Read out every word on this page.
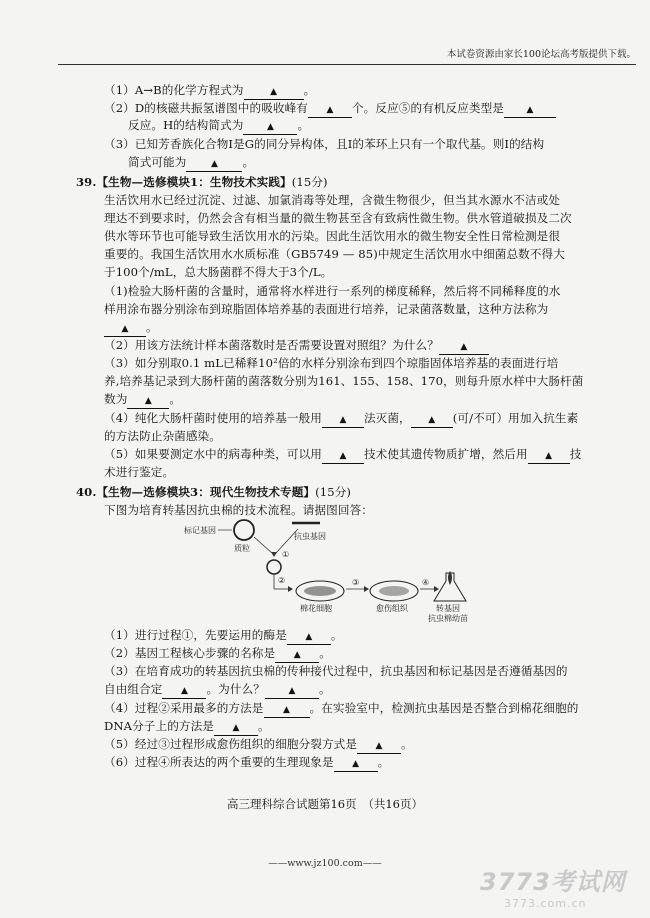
本试卷资源由家长100论坛高考版提供下载。
（1）A→B的化学方程式为	▲ 。
（2）D的核磁共振氢谱图中的吸收峰有 ▲ 个。反应⑤的有机反应类型是 ▲
反应。H的结构简式为	▲ 。
（3）已知芳香族化合物I是G的同分异构体，且I的苯环上只有一个取代基。则I的结构
简式可能为	▲ 。
39.【生物—选修模块1：生物技术实践】(15分)
生活饮用水已经过沉淀、过滤、加氯消毒等处理，含微生物很少，但当其水源水不洁或处
理达不到要求时，仍然会含有相当量的微生物甚至含有致病性微生物。供水管道破损及二次
供水等环节也可能导致生活饮用水的污染。因此生活饮用水的微生物安全性日常检测是很
重要的。我国生活饮用水水质标准（GB5749 — 85)中规定生活饮用水中细菌总数不得大
于100个/mL，总大肠菌群不得大于3个/L。
（1)检验大肠杆菌的含量时，通常将水样进行一系列的梯度稀释，然后将不同稀释度的水
样用涂布器分别涂布到琼脂固体培养基的表面进行培养，记录菌落数量，这种方法称为
▲ 。
（2）用该方法统计样本菌落数时是否需要设置对照组？为什么？ ▲
（3）如分别取0.1 mL已稀释10²倍的水样分别涂布到四个琼脂固体培养基的表面进行培
养,培养基记录到大肠杆菌的菌落数分别为161、155、158、170，则每升原水样中大肠杆菌
数为 ▲ 。
（4）纯化大肠杆菌时使用的培养基一般用 ▲ 法灭菌， ▲ (可/不可）用加入抗生素
的方法防止杂菌感染。
（5）如果要测定水中的病毒种类，可以用 ▲ 技术使其遗传物质扩增，然后用 ▲ 技
术进行鉴定。
40.【生物—选修模块3：现代生物技术专题】(15分)
下图为培育转基因抗虫棉的技术流程。请据图回答：
标记基因
质粒
抗虫基因
①
②
棉花细胞
③
愈伤组织
④
转基因
抗虫棉幼苗
（1）进行过程①，先要运用的酶是 ▲ 。
（2）基因工程核心步骤的名称是 ▲ 。
（3）在培育成功的转基因抗虫棉的传种接代过程中，抗虫基因和标记基因是否遵循基因的
自由组合定 ▲ 。为什么？	▲ 。
（4）过程②采用最多的方法是 ▲ 。在实验室中，检测抗虫基因是否整合到棉花细胞的
DNA分子上的方法是 ▲ 。
（5）经过③过程形成愈伤组织的细胞分裂方式是 ▲ 。
（6）过程④所表达的两个重要的生理现象是 ▲ 。
高三理科综合试题第16页　（共16页）
——www.jz100.com——
3773考试网
3773.com.cn
